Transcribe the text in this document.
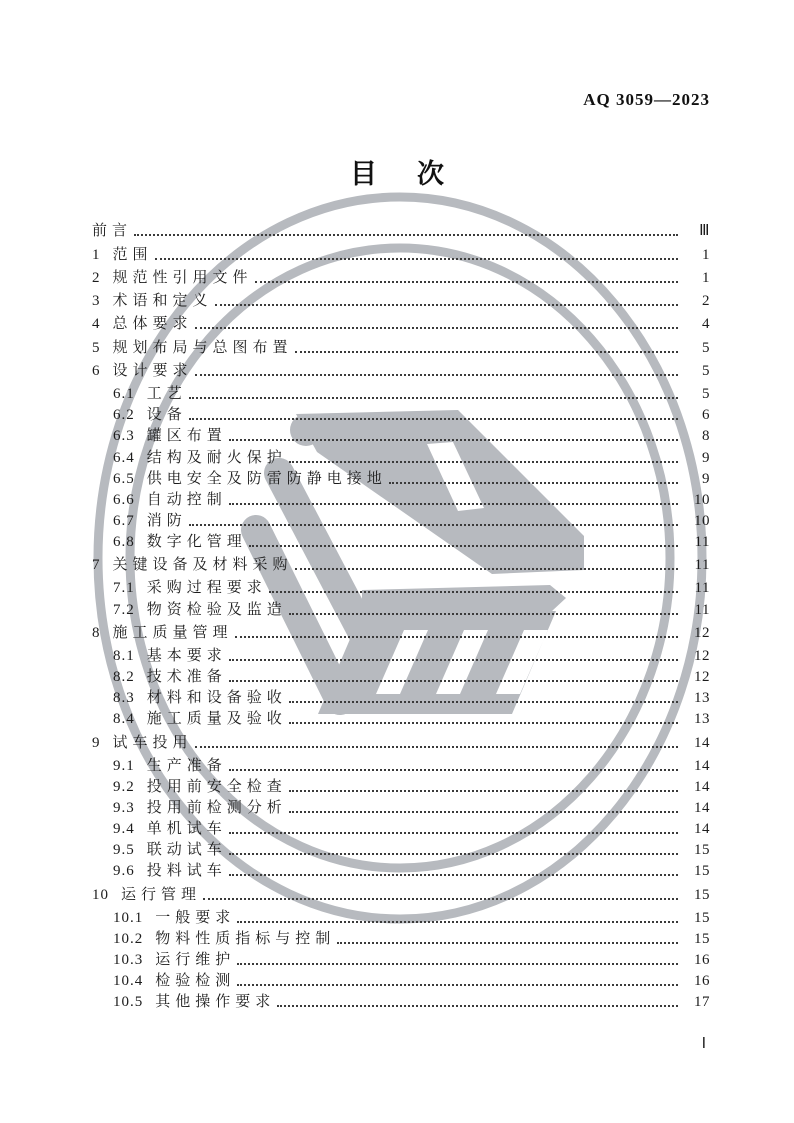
AQ 3059—2023
目 次
前言	Ⅲ
1 范围	1
2 规范性引用文件	1
3 术语和定义	2
4 总体要求	4
5 规划布局与总图布置	5
6 设计要求	5
6.1 工艺	5
6.2 设备	6
6.3 罐区布置	8
6.4 结构及耐火保护	9
6.5 供电安全及防雷防静电接地	9
6.6 自动控制	10
6.7 消防	10
6.8 数字化管理	11
7 关键设备及材料采购	11
7.1 采购过程要求	11
7.2 物资检验及监造	11
8 施工质量管理	12
8.1 基本要求	12
8.2 技术准备	12
8.3 材料和设备验收	13
8.4 施工质量及验收	13
9 试车投用	14
9.1 生产准备	14
9.2 投用前安全检查	14
9.3 投用前检测分析	14
9.4 单机试车	14
9.5 联动试车	15
9.6 投料试车	15
10 运行管理	15
10.1 一般要求	15
10.2 物料性质指标与控制	15
10.3 运行维护	16
10.4 检验检测	16
10.5 其他操作要求	17
Ⅰ
